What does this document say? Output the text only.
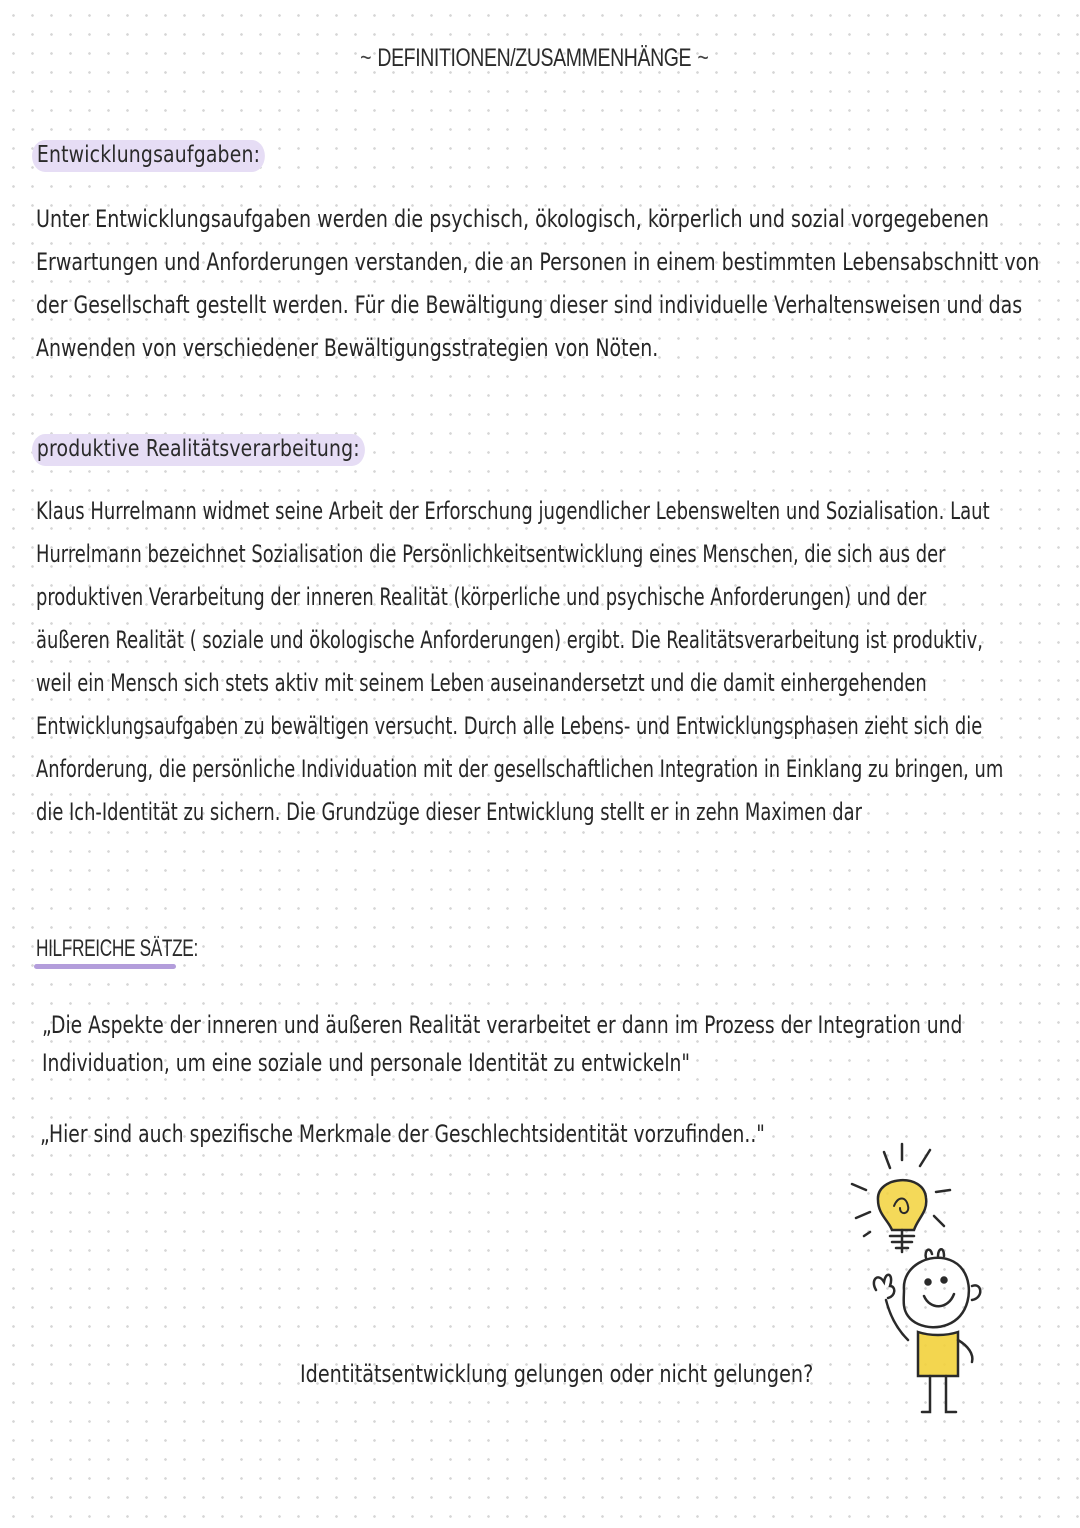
~ DEFINITIONEN/ZUSAMMENHÄNGE ~
Entwicklungsaufgaben:
Unter Entwicklungsaufgaben werden die psychisch, ökologisch, körperlich und sozial vorgegebenen
Erwartungen und Anforderungen verstanden, die an Personen in einem bestimmten Lebensabschnitt von
der Gesellschaft gestellt werden. Für die Bewältigung dieser sind individuelle Verhaltensweisen und das
Anwenden von verschiedener Bewältigungsstrategien von Nöten.
produktive Realitätsverarbeitung:
Klaus Hurrelmann widmet seine Arbeit der Erforschung jugendlicher Lebenswelten und Sozialisation. Laut
Hurrelmann bezeichnet Sozialisation die Persönlichkeitsentwicklung eines Menschen, die sich aus der
produktiven Verarbeitung der inneren Realität (körperliche und psychische Anforderungen) und der
äußeren Realität ( soziale und ökologische Anforderungen) ergibt. Die Realitätsverarbeitung ist produktiv,
weil ein Mensch sich stets aktiv mit seinem Leben auseinandersetzt und die damit einhergehenden
Entwicklungsaufgaben zu bewältigen versucht. Durch alle Lebens- und Entwicklungsphasen zieht sich die
Anforderung, die persönliche Individuation mit der gesellschaftlichen Integration in Einklang zu bringen, um
die Ich-Identität zu sichern. Die Grundzüge dieser Entwicklung stellt er in zehn Maximen dar
HILFREICHE SÄTZE:
„Die Aspekte der inneren und äußeren Realität verarbeitet er dann im Prozess der Integration und
Individuation, um eine soziale und personale Identität zu entwickeln"
„Hier sind auch spezifische Merkmale der Geschlechtsidentität vorzufinden.."
Identitätsentwicklung gelungen oder nicht gelungen?
